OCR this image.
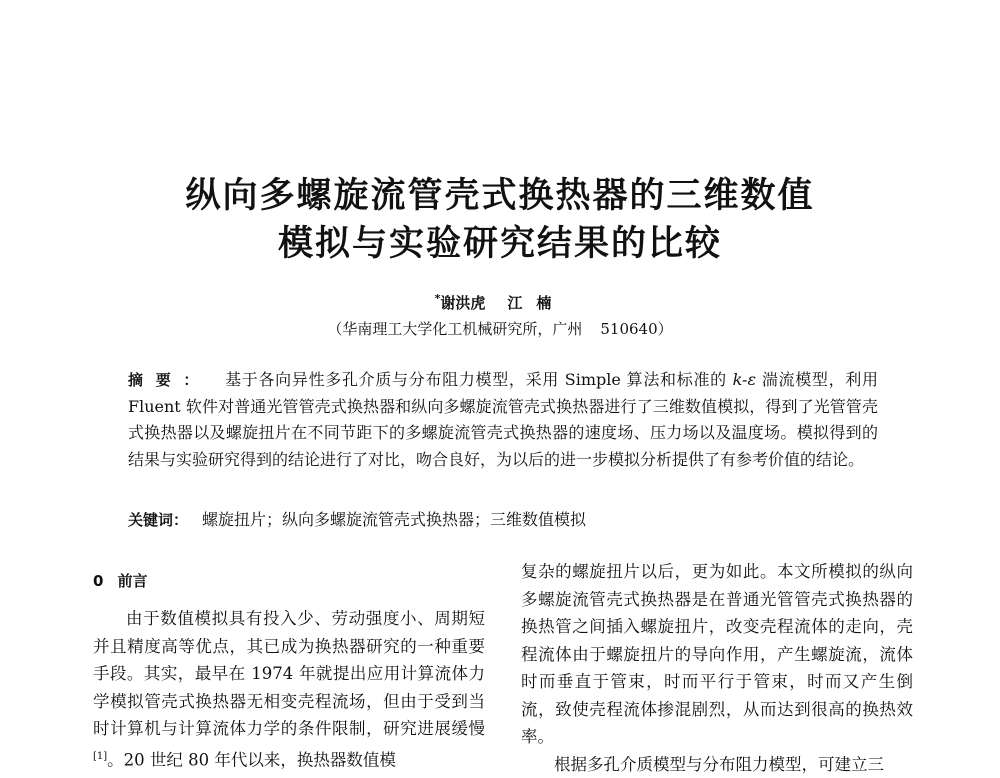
纵向多螺旋流管壳式换热器的三维数值
模拟与实验研究结果的比较
*谢洪虎 江楠
（华南理工大学化工机械研究所，广州 510640）

摘要： 基于各向异性多孔介质与分布阻力模型，采用 Simple 算法和标准的 k-ε 湍流模型，利用 Fluent 软件对普通光管管壳式换热器和纵向多螺旋流管壳式换热器进行了三维数值模拟，得到了光管管壳式换热器以及螺旋扭片在不同节距下的多螺旋流管壳式换热器的速度场、压力场以及温度场。模拟得到的结果与实验研究得到的结论进行了对比，吻合良好，为以后的进一步模拟分析提供了有参考价值的结论。

关键词： 螺旋扭片；纵向多螺旋流管壳式换热器；三维数值模拟
0 前言

由于数值模拟具有投入少、劳动强度小、周期短并且精度高等优点，其已成为换热器研究的一种重要手段。其实，最早在 1974 年就提出应用计算流体力学模拟管壳式换热器无相变壳程流场，但由于受到当时计算机与计算流体力学的条件限制，研究进展缓慢[1]。20 世纪 80 年代以来，换热器数值模

复杂的螺旋扭片以后，更为如此。本文所模拟的纵向多螺旋流管壳式换热器是在普通光管管壳式换热器的换热管之间插入螺旋扭片，改变壳程流体的走向，壳程流体由于螺旋扭片的导向作用，产生螺旋流，流体时而垂直于管束，时而平行于管束，时而又产生倒流，致使壳程流体掺混剧烈，从而达到很高的换热效率。

根据多孔介质模型与分布阻力模型，可建立三
